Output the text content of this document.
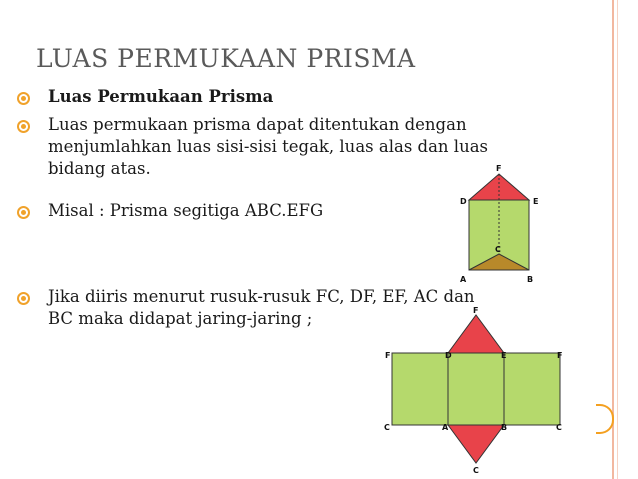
LUAS PERMUKAAN PRISMA
Luas Permukaan Prisma
Luas permukaan prisma dapat ditentukan dengan
menjumlahkan luas sisi-sisi tegak, luas alas dan luas
bidang atas.
Misal : Prisma segitiga ABC.EFG
Jika diiris menurut rusuk-rusuk FC, DF, EF, AC dan
BC maka didapat jaring-jaring ;
F
D	E
C
A	B
F
F	D	E	F
C	A	B	C
C
